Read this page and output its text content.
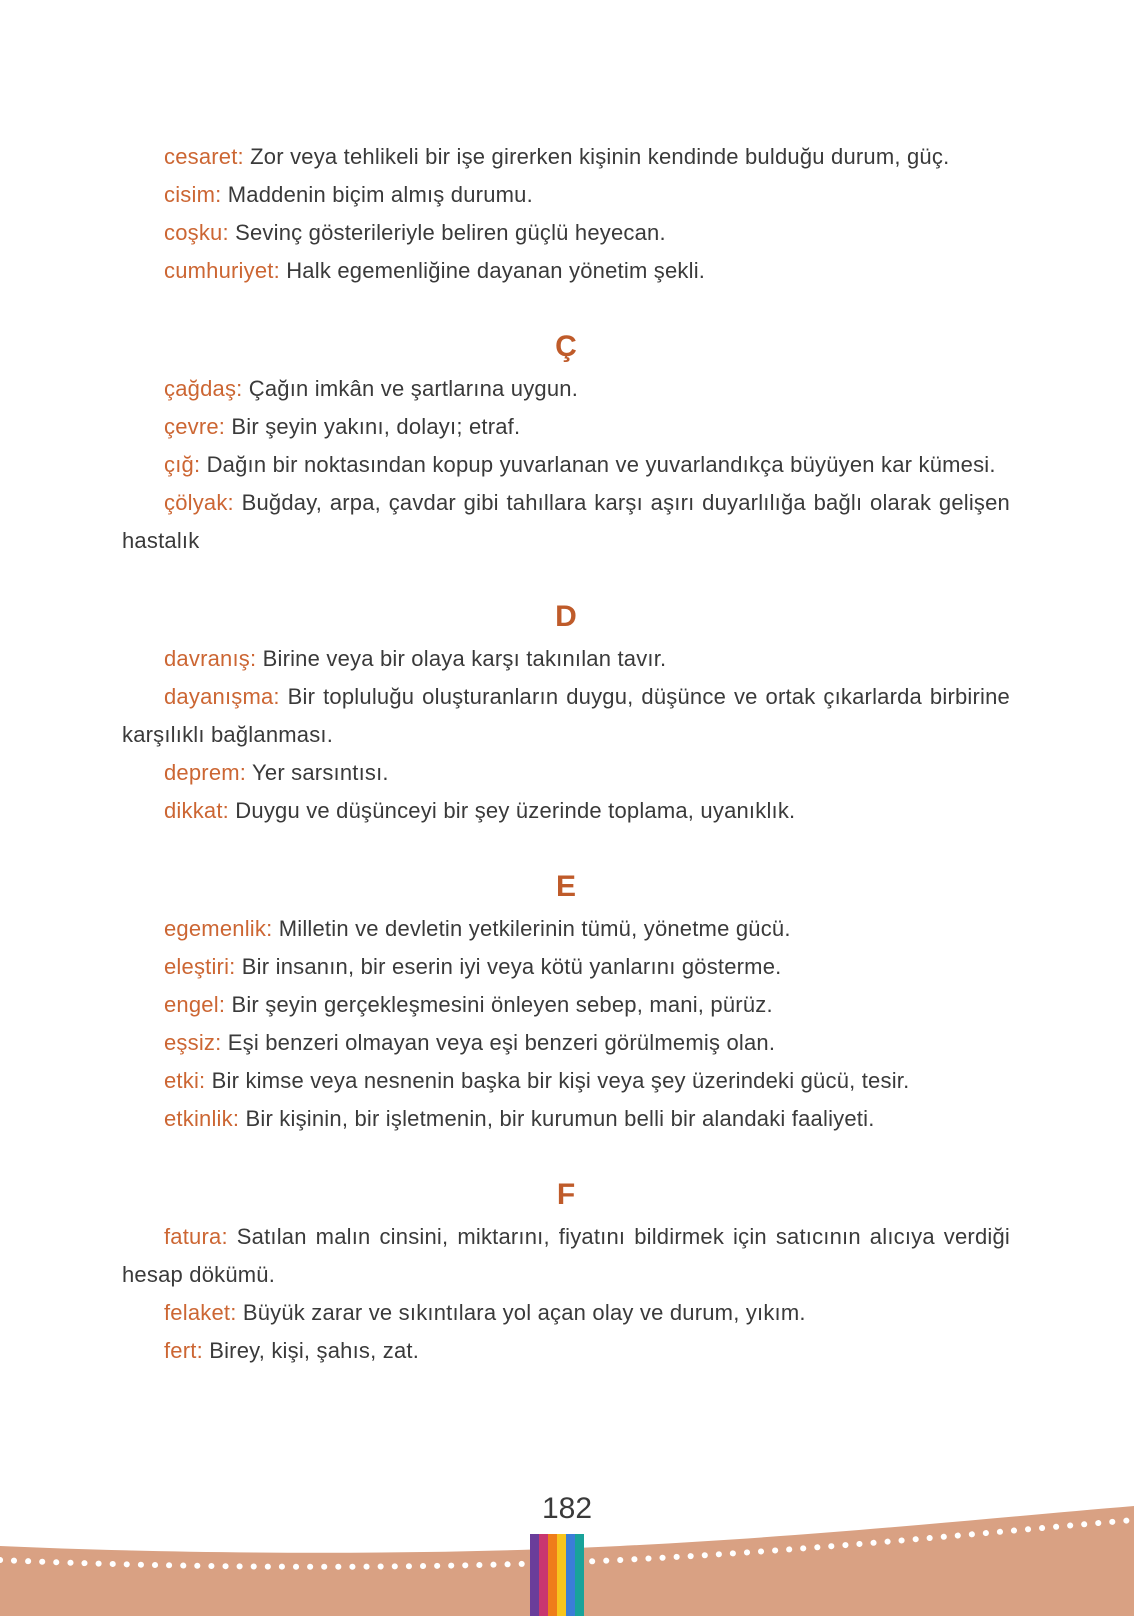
cesaret: Zor veya tehlikeli bir işe girerken kişinin kendinde bulduğu durum, güç.

cisim: Maddenin biçim almış durumu.

coşku: Sevinç gösterileriyle beliren güçlü heyecan.

cumhuriyet: Halk egemenliğine dayanan yönetim şekli.

Ç

çağdaş: Çağın imkân ve şartlarına uygun.

çevre: Bir şeyin yakını, dolayı; etraf.

çığ: Dağın bir noktasından kopup yuvarlanan ve yuvarlandıkça büyüyen kar kümesi.

çölyak: Buğday, arpa, çavdar gibi tahıllara karşı aşırı duyarlılığa bağlı olarak gelişen hastalık

D

davranış: Birine veya bir olaya karşı takınılan tavır.

dayanışma: Bir topluluğu oluşturanların duygu, düşünce ve ortak çıkarlarda birbirine karşılıklı bağlanması.

deprem: Yer sarsıntısı.

dikkat: Duygu ve düşünceyi bir şey üzerinde toplama, uyanıklık.

E

egemenlik: Milletin ve devletin yetkilerinin tümü, yönetme gücü.

eleştiri: Bir insanın, bir eserin iyi veya kötü yanlarını gösterme.

engel: Bir şeyin gerçekleşmesini önleyen sebep, mani, pürüz.

eşsiz: Eşi benzeri olmayan veya eşi benzeri görülmemiş olan.

etki: Bir kimse veya nesnenin başka bir kişi veya şey üzerindeki gücü, tesir.

etkinlik: Bir kişinin, bir işletmenin, bir kurumun belli bir alandaki faaliyeti.

F

fatura: Satılan malın cinsini, miktarını, fiyatını bildirmek için satıcının alıcıya verdiği hesap dökümü.

felaket: Büyük zarar ve sıkıntılara yol açan olay ve durum, yıkım.

fert: Birey, kişi, şahıs, zat.

182
